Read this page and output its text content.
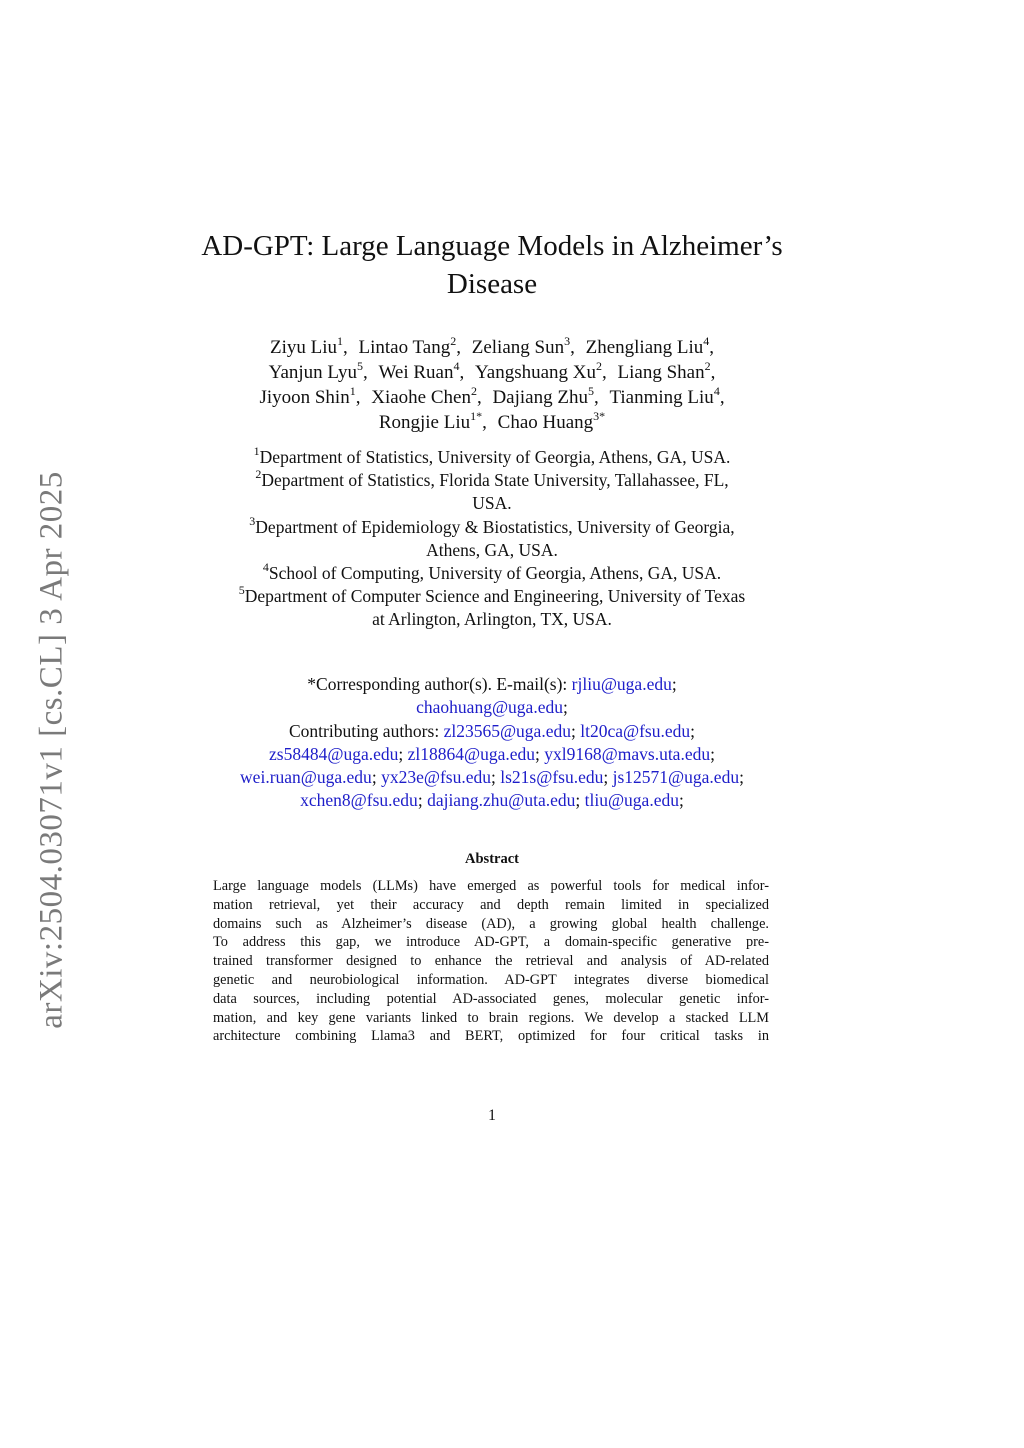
arXiv:2504.03071v1 [cs.CL] 3 Apr 2025
AD-GPT: Large Language Models in Alzheimer’s
Disease
Ziyu Liu$^1$, Lintao Tang$^2$, Zeliang Sun$^3$, Zhengliang Liu$^4$,
Yanjun Lyu$^5$, Wei Ruan$^4$, Yangshuang Xu$^2$, Liang Shan$^2$,
Jiyoon Shin$^1$, Xiaohe Chen$^2$, Dajiang Zhu$^5$, Tianming Liu$^4$,
Rongjie Liu$^{1*}$, Chao Huang$^{3*}$
$^1$Department of Statistics, University of Georgia, Athens, GA, USA.
$^2$Department of Statistics, Florida State University, Tallahassee, FL,
USA.
$^3$Department of Epidemiology & Biostatistics, University of Georgia,
Athens, GA, USA.
$^4$School of Computing, University of Georgia, Athens, GA, USA.
$^5$Department of Computer Science and Engineering, University of Texas
at Arlington, Arlington, TX, USA.
*Corresponding author(s). E-mail(s): rjliu@uga.edu;
chaohuang@uga.edu;
Contributing authors: zl23565@uga.edu; lt20ca@fsu.edu;
zs58484@uga.edu; zl18864@uga.edu; yxl9168@mavs.uta.edu;
wei.ruan@uga.edu; yx23e@fsu.edu; ls21s@fsu.edu; js12571@uga.edu;
xchen8@fsu.edu; dajiang.zhu@uta.edu; tliu@uga.edu;
Abstract
Large language models (LLMs) have emerged as powerful tools for medical infor-
mation retrieval, yet their accuracy and depth remain limited in specialized
domains such as Alzheimer’s disease (AD), a growing global health challenge.
To address this gap, we introduce AD-GPT, a domain-specific generative pre-
trained transformer designed to enhance the retrieval and analysis of AD-related
genetic and neurobiological information. AD-GPT integrates diverse biomedical
data sources, including potential AD-associated genes, molecular genetic infor-
mation, and key gene variants linked to brain regions. We develop a stacked LLM
architecture combining Llama3 and BERT, optimized for four critical tasks in
1
